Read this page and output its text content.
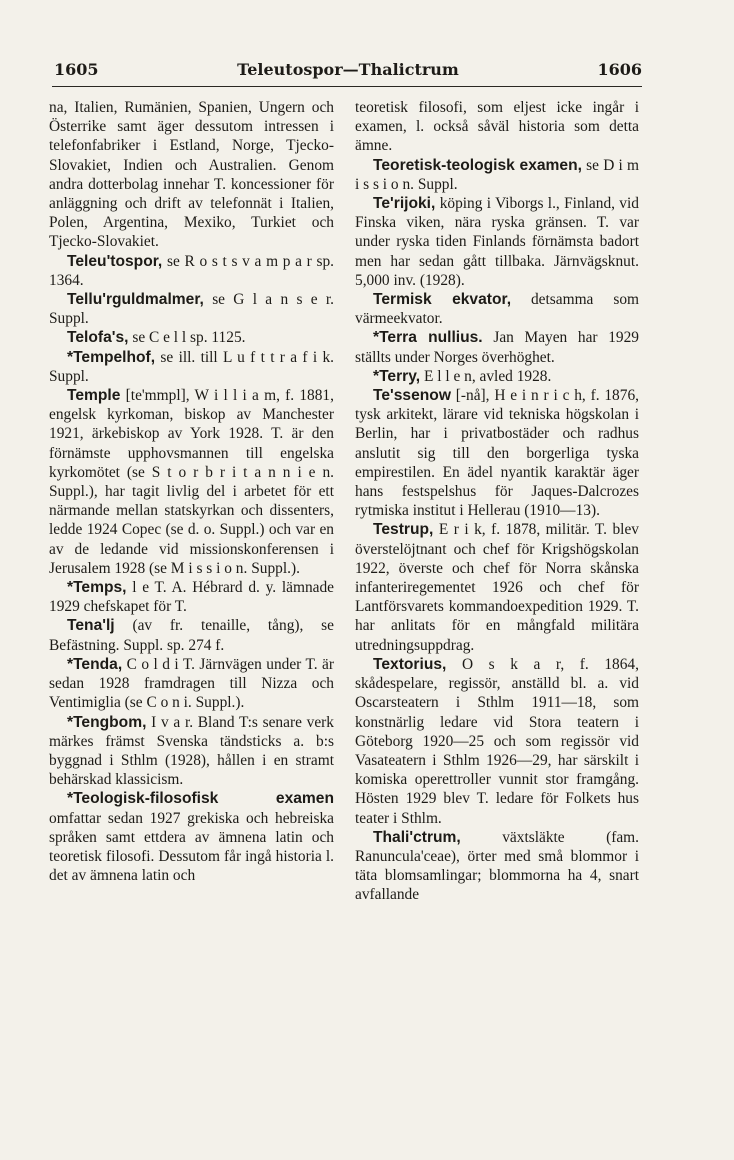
1605	Teleutospor—Thalictrum	1606

na, Italien, Rumänien, Spanien, Ungern och Österrike samt äger dessutom intressen i telefonfabriker i Estland, Norge, Tjecko-Slovakiet, Indien och Australien. Genom andra dotterbolag innehar T. koncessioner för anläggning och drift av telefonnät i Italien, Polen, Argentina, Mexiko, Turkiet och Tjecko-Slovakiet.

Teleu'tospor, se R o s t s v a m p a r sp. 1364.

Tellu'rguldmalmer, se G l a n s e r. Suppl.

Telofa's, se C e l l sp. 1125.

*Tempelhof, se ill. till L u f t t r a f i k. Suppl.

Temple [te'mmpl], W i l l i a m, f. 1881, engelsk kyrkoman, biskop av Manchester 1921, ärkebiskop av York 1928. T. är den förnämste upphovsmannen till engelska kyrkomötet (se S t o r b r i t a n n i e n. Suppl.), har tagit livlig del i arbetet för ett närmande mellan statskyrkan och dissenters, ledde 1924 Copec (se d. o. Suppl.) och var en av de ledande vid missionskonferensen i Jerusalem 1928 (se M i s s i o n. Suppl.).

*Temps, l e T. A. Hébrard d. y. lämnade 1929 chefskapet för T.

Tena'lj (av fr. tenaille, tång), se Befästning. Suppl. sp. 274 f.

*Tenda, C o l d i T. Järnvägen under T. är sedan 1928 framdragen till Nizza och Ventimiglia (se C o n i. Suppl.).

*Tengbom, I v a r. Bland T:s senare verk märkes främst Svenska tändsticks a. b:s byggnad i Sthlm (1928), hållen i en stramt behärskad klassicism.

*Teologisk-filosofisk examen omfattar sedan 1927 grekiska och hebreiska språken samt ettdera av ämnena latin och teoretisk filosofi. Dessutom får ingå historia l. det av ämnena latin och

teoretisk filosofi, som eljest icke ingår i examen, l. också såväl historia som detta ämne.

Teoretisk-teologisk examen, se D i m i s s i o n. Suppl.

Te'rijoki, köping i Viborgs l., Finland, vid Finska viken, nära ryska gränsen. T. var under ryska tiden Finlands förnämsta badort men har sedan gått tillbaka. Järnvägsknut. 5,000 inv. (1928).

Termisk ekvator, detsamma som värmeekvator.

*Terra nullius. Jan Mayen har 1929 ställts under Norges överhöghet.

*Terry, E l l e n, avled 1928.

Te'ssenow [-nå], H e i n r i c h, f. 1876, tysk arkitekt, lärare vid tekniska högskolan i Berlin, har i privatbostäder och radhus anslutit sig till den borgerliga tyska empirestilen. En ädel nyantik karaktär äger hans festspelshus för Jaques-Dalcrozes rytmiska institut i Hellerau (1910—13).

Testrup, E r i k, f. 1878, militär. T. blev överstelöjtnant och chef för Krigshögskolan 1922, överste och chef för Norra skånska infanteriregementet 1926 och chef för Lantförsvarets kommandoexpedition 1929. T. har anlitats för en mångfald militära utredningsuppdrag.

Textorius, O s k a r, f. 1864, skådespelare, regissör, anställd bl. a. vid Oscarsteatern i Sthlm 1911—18, som konstnärlig ledare vid Stora teatern i Göteborg 1920—25 och som regissör vid Vasateatern i Sthlm 1926—29, har särskilt i komiska operettroller vunnit stor framgång. Hösten 1929 blev T. ledare för Folkets hus teater i Sthlm.

Thali'ctrum,	växtsläkte (fam. Ranuncula'ceae), örter med små blommor i täta blomsamlingar; blommorna ha 4, snart avfallande
